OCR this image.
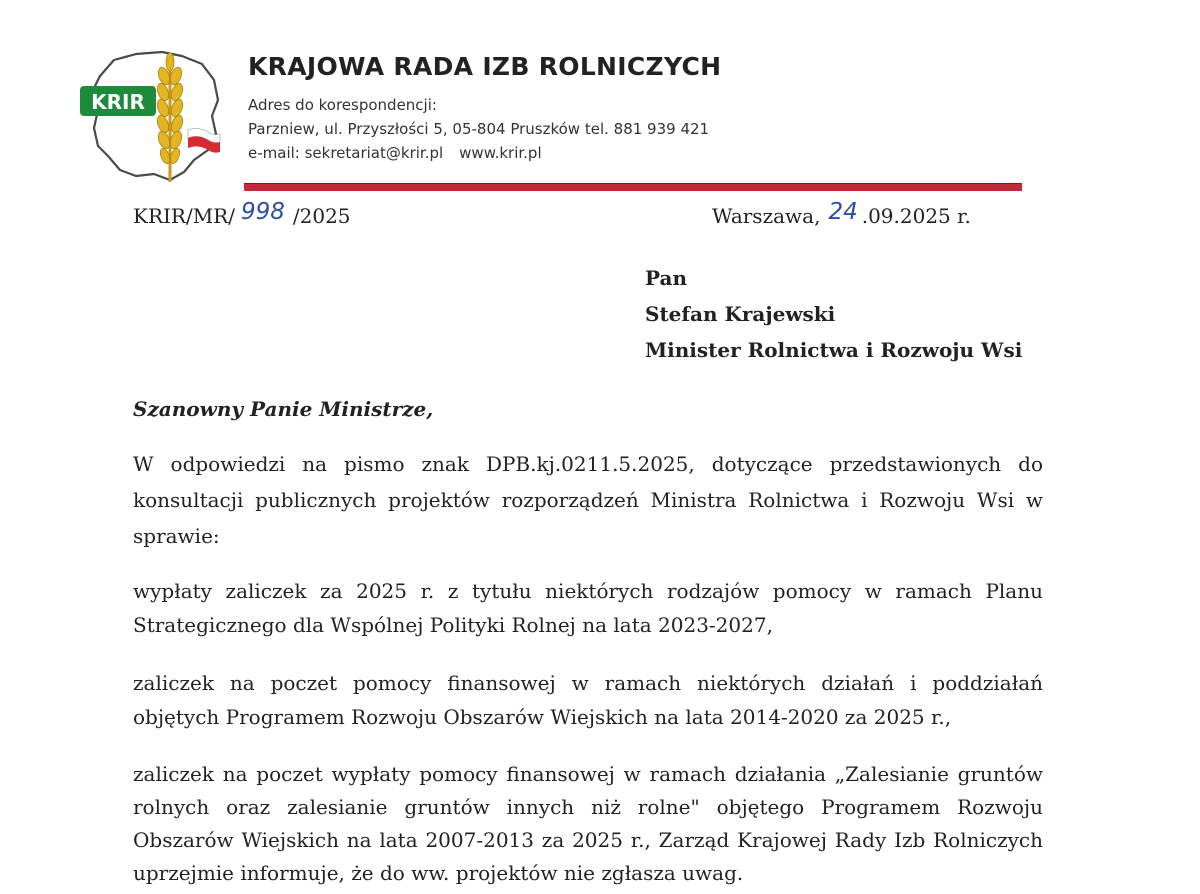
KRIR
KRAJOWA RADA IZB ROLNICZYCH
Adres do korespondencji:
Parzniew, ul. Przyszłości 5, 05-804 Pruszków tel. 881 939 421
e-mail: sekretariat@krir.pl www.krir.pl
KRIR/MR/ 998 /2025	Warszawa, 24 .09.2025 r.
Pan
Stefan Krajewski
Minister Rolnictwa i Rozwoju Wsi
Szanowny Panie Ministrze,
W odpowiedzi na pismo znak DPB.kj.0211.5.2025, dotyczące przedstawionych do
konsultacji publicznych projektów rozporządzeń Ministra Rolnictwa i Rozwoju Wsi w
sprawie:
wypłaty zaliczek za 2025 r. z tytułu niektórych rodzajów pomocy w ramach Planu
Strategicznego dla Wspólnej Polityki Rolnej na lata 2023-2027,
zaliczek na poczet pomocy finansowej w ramach niektórych działań i poddziałań
objętych Programem Rozwoju Obszarów Wiejskich na lata 2014-2020 za 2025 r.,
zaliczek na poczet wypłaty pomocy finansowej w ramach działania „Zalesianie gruntów
rolnych oraz zalesianie gruntów innych niż rolne" objętego Programem Rozwoju
Obszarów Wiejskich na lata 2007-2013 za 2025 r., Zarząd Krajowej Rady Izb Rolniczych
uprzejmie informuje, że do ww. projektów nie zgłasza uwag.
